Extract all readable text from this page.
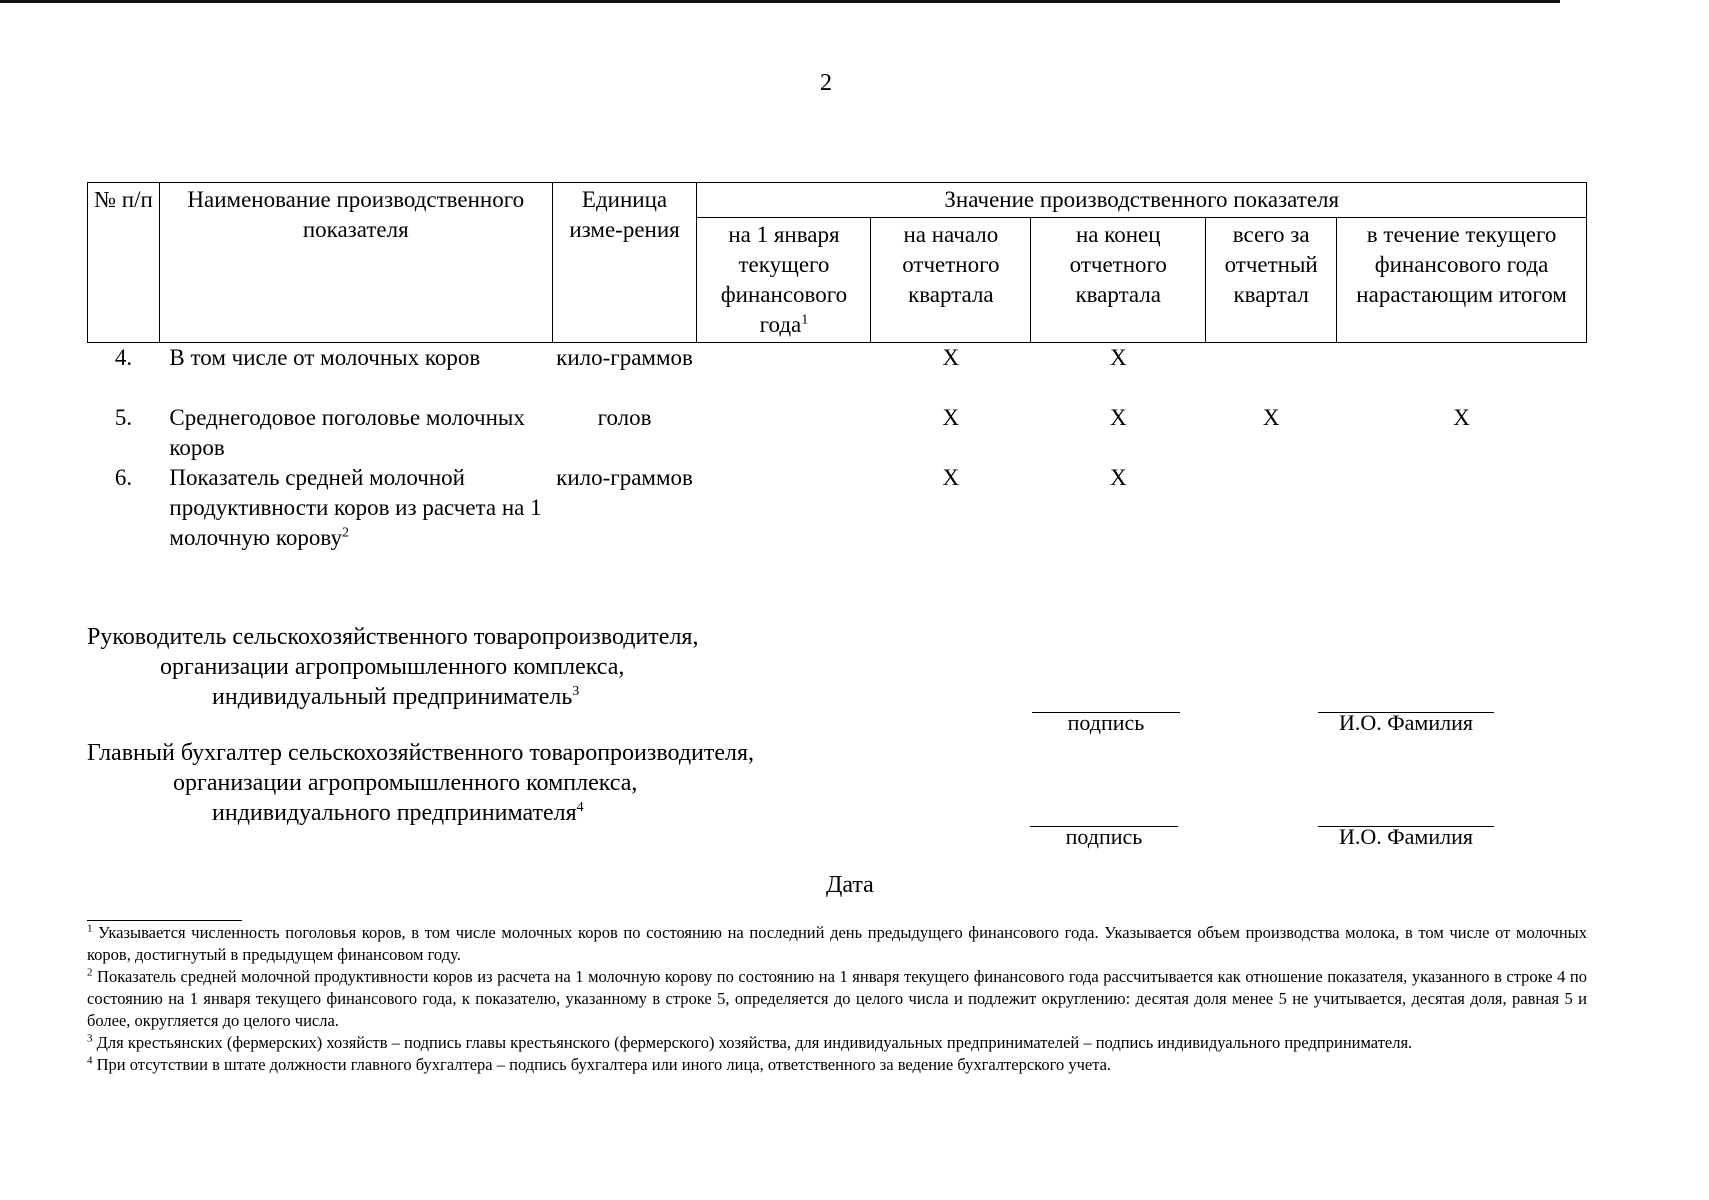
2
№ п/п	Наименование производственного показателя	Единица изме-рения	Значение производственного показателя				
			на 1 января текущего финансового года$^1$	на начало отчетного квартала	на конец отчетного квартала	всего за отчетный квартал	в течение текущего финансового года нарастающим итогом
4.	В том числе от молочных коров	кило-граммов		X	X		
5.	Среднегодовое поголовье молочных коров	голов		X	X	X	X
6.	Показатель средней молочной продуктивности коров из расчета на 1 молочную корову$^2$	кило-граммов		X	X		
Руководитель сельскохозяйственного товаропроизводителя,
организации агропромышленного комплекса,
индивидуальный предприниматель$^3$
подпись	И.О. Фамилия
Главный бухгалтер сельскохозяйственного товаропроизводителя,
организации агропромышленного комплекса,
индивидуального предпринимателя$^4$
подпись	И.О. Фамилия
Дата

$^1$ Указывается численность поголовья коров, в том числе молочных коров по состоянию на последний день предыдущего финансового года. Указывается объем производства молока, в том числе от молочных коров, достигнутый в предыдущем финансовом году.

$^2$ Показатель средней молочной продуктивности коров из расчета на 1 молочную корову по состоянию на 1 января текущего финансового года рассчитывается как отношение показателя, указанного в строке 4 по состоянию на 1 января текущего финансового года, к показателю, указанному в строке 5, определяется до целого числа и подлежит округлению: десятая доля менее 5 не учитывается, десятая доля, равная 5 и более, округляется до целого числа.

$^3$ Для крестьянских (фермерских) хозяйств – подпись главы крестьянского (фермерского) хозяйства, для индивидуальных предпринимателей – подпись индивидуального предпринимателя.

$^4$ При отсутствии в штате должности главного бухгалтера – подпись бухгалтера или иного лица, ответственного за ведение бухгалтерского учета.
